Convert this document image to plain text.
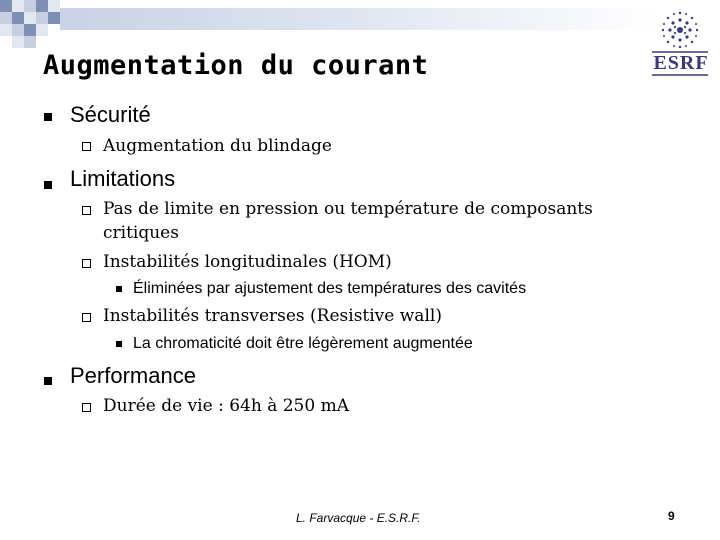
Augmentation du courant	ESRF
Sécurité
Augmentation du blindage
Limitations
Pas de limite en pression ou température de composants
critiques
Instabilités longitudinales (HOM)
Éliminées par ajustement des températures des cavités
Instabilités transverses (Resistive wall)
La chromaticité doit être légèrement augmentée
Performance
Durée de vie : 64h à 250 mA
L. Farvacque - E.S.R.F.	9
